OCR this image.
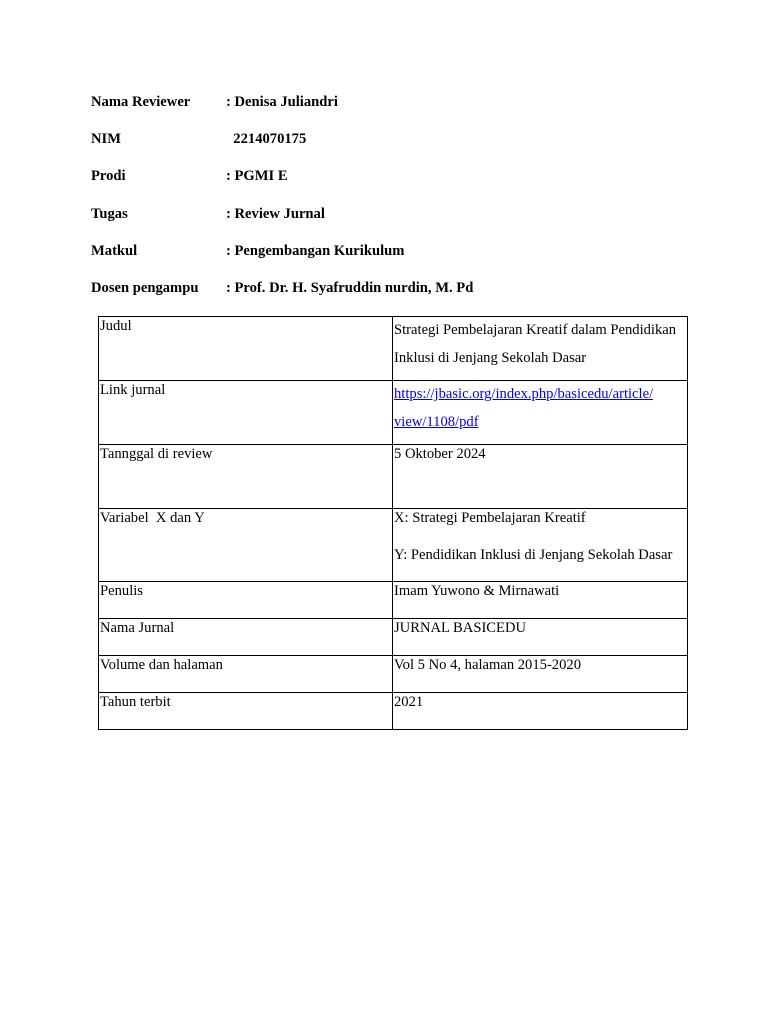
Nama Reviewer : Denisa Juliandri
NIM	2214070175
Prodi	: PGMI E
Tugas	: Review Jurnal
Matkul	: Pengembangan Kurikulum
Dosen pengampu : Prof. Dr. H. Syafruddin nurdin, M. Pd
Judul	Strategi Pembelajaran Kreatif dalam Pendidikan
Inklusi di Jenjang Sekolah Dasar

Link jurnal	https://jbasic.org/index.php/basicedu/article/
view/1108/pdf

Tannggal di review	5 Oktober 2024

Variabel  X dan Y	X: Strategi Pembelajaran Kreatif
Y: Pendidikan Inklusi di Jenjang Sekolah Dasar

Penulis	Imam Yuwono & Mirnawati

Nama Jurnal	JURNAL BASICEDU

Volume dan halaman	Vol 5 No 4, halaman 2015-2020

Tahun terbit	2021
